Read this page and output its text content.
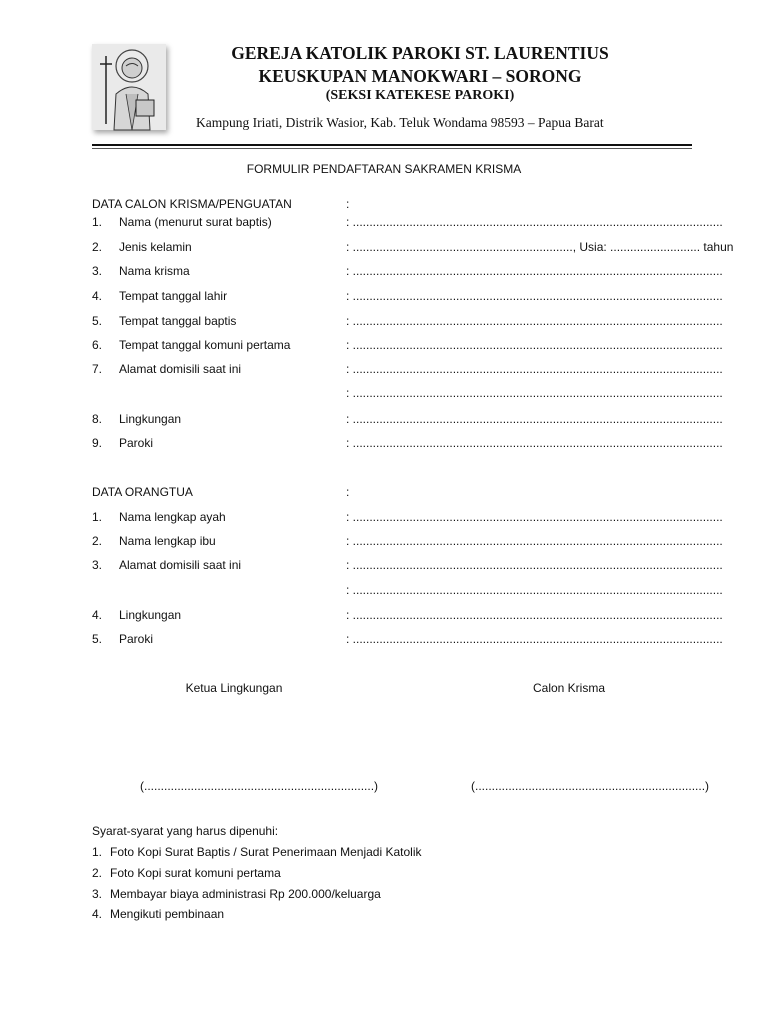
GEREJA KATOLIK PAROKI ST. LAURENTIUS
KEUSKUPAN MANOKWARI – SORONG
(SEKSI KATEKESE PAROKI)
Kampung Iriati, Distrik Wasior, Kab. Teluk Wondama 98593 – Papua Barat
FORMULIR PENDAFTARAN SAKRAMEN KRISMA
DATA CALON KRISMA/PENGUATAN	:
1. Nama (menurut surat baptis)	: ...............................................................................................................
2. Jenis kelamin	: .................................................................., Usia: ........................... tahun
3. Nama krisma	: ...............................................................................................................
4. Tempat tanggal lahir	: ...............................................................................................................
5. Tempat tanggal baptis	: ...............................................................................................................
6. Tempat tanggal komuni pertama	: ...............................................................................................................
7. Alamat domisili saat ini	: ...............................................................................................................
: ...............................................................................................................
8. Lingkungan	: ...............................................................................................................
9. Paroki	: ...............................................................................................................
DATA ORANGTUA	:
1. Nama lengkap ayah	: ...............................................................................................................
2. Nama lengkap ibu	: ...............................................................................................................
3. Alamat domisili saat ini	: ...............................................................................................................
: ...............................................................................................................
4. Lingkungan	: ...............................................................................................................
5. Paroki	: ...............................................................................................................
Ketua Lingkungan	Calon Krisma
(.....................................................................)	(.....................................................................)
Syarat-syarat yang harus dipenuhi:
1. Foto Kopi Surat Baptis / Surat Penerimaan Menjadi Katolik
2. Foto Kopi surat komuni pertama
3. Membayar biaya administrasi Rp 200.000/keluarga
4. Mengikuti pembinaan
